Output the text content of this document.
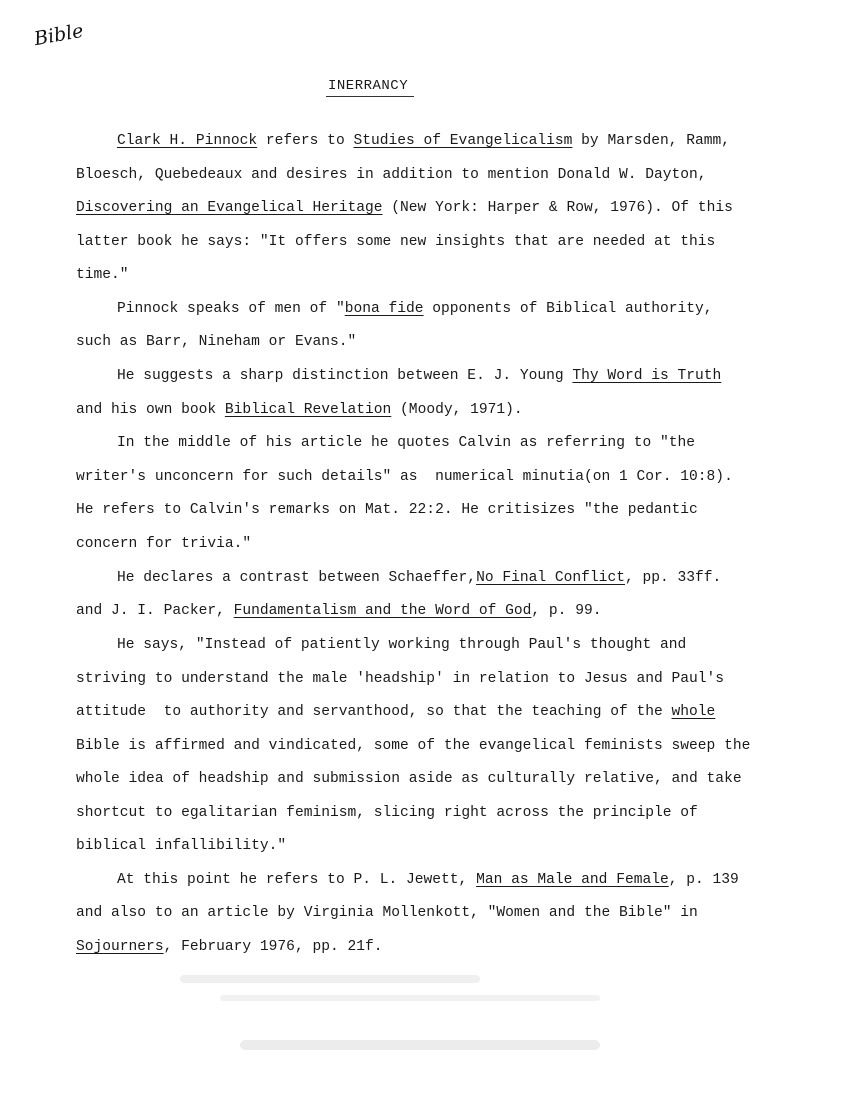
Bible
INERRANCY
Clark H. Pinnock refers to Studies of Evangelicalism by Marsden, Ramm,
Bloesch, Quebedeaux and desires in addition to mention Donald W. Dayton,
Discovering an Evangelical Heritage (New York: Harper & Row, 1976). Of this
latter book he says: "It offers some new insights that are needed at this
time."
Pinnock speaks of men of "bona fide opponents of Biblical authority,
such as Barr, Nineham or Evans."
He suggests a sharp distinction between E. J. Young Thy Word is Truth
and his own book Biblical Revelation (Moody, 1971).
In the middle of his article he quotes Calvin as referring to "the
writer's unconcern for such details" as  numerical minutia(on 1 Cor. 10:8).
He refers to Calvin's remarks on Mat. 22:2. He critisizes "the pedantic
concern for trivia."
He declares a contrast between Schaeffer,No Final Conflict, pp. 33ff.
and J. I. Packer, Fundamentalism and the Word of God, p. 99.
He says, "Instead of patiently working through Paul's thought and
striving to understand the male 'headship' in relation to Jesus and Paul's
attitude  to authority and servanthood, so that the teaching of the whole
Bible is affirmed and vindicated, some of the evangelical feminists sweep the
whole idea of headship and submission aside as culturally relative, and take
shortcut to egalitarian feminism, slicing right across the principle of
biblical infallibility."
At this point he refers to P. L. Jewett, Man as Male and Female, p. 139
and also to an article by Virginia Mollenkott, "Women and the Bible" in
Sojourners, February 1976, pp. 21f.
